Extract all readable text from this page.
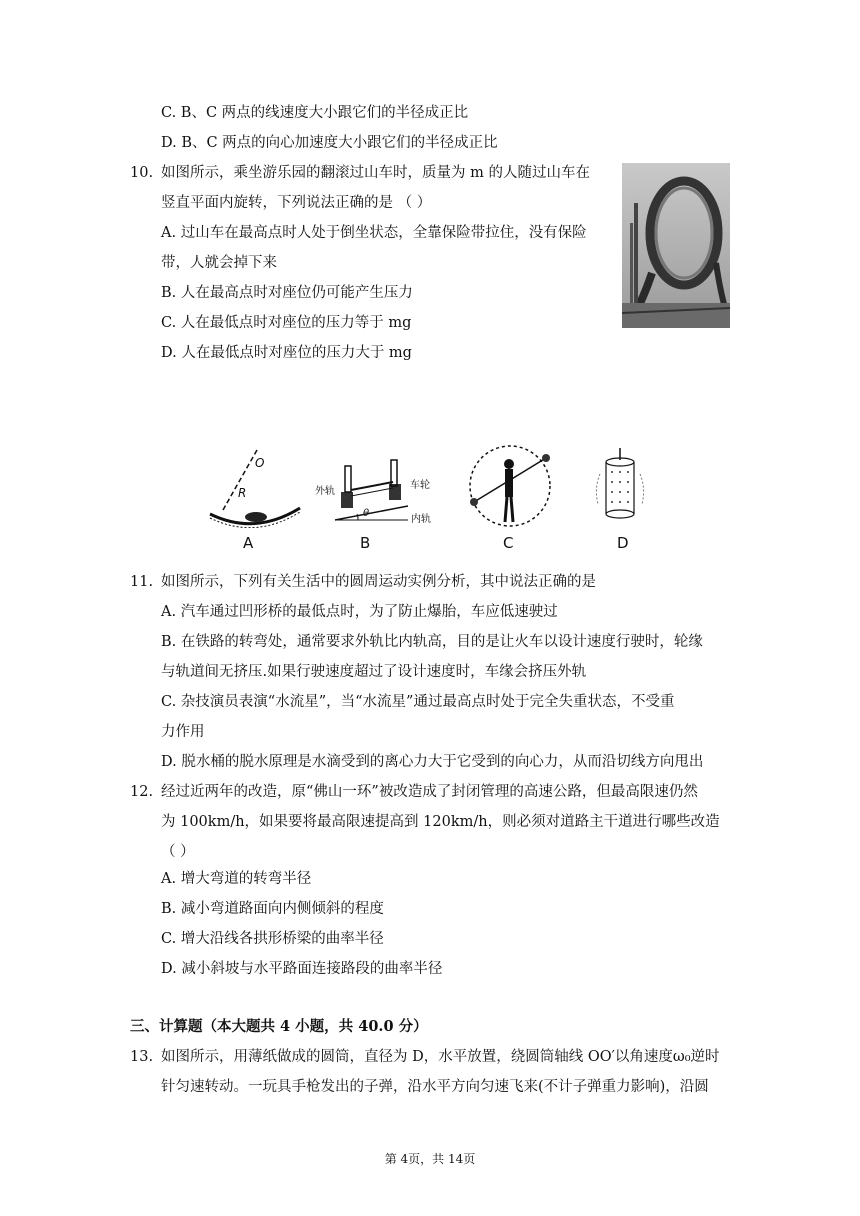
C. B、C 两点的线速度大小跟它们的半径成正比
D. B、C 两点的向心加速度大小跟它们的半径成正比
10. 如图所示，乘坐游乐园的翻滚过山车时，质量为 m 的人随过山车在
竖直平面内旋转，下列说法正确的是 （ ）
A. 过山车在最高点时人处于倒坐状态，全靠保险带拉住，没有保险
带，人就会掉下来
B. 人在最高点时对座位仍可能产生压力
C. 人在最低点时对座位的压力等于 mg
D. 人在最低点时对座位的压力大于 mg
O
R
A
外轨
车轮
内轨
θ
B	C	D
11. 如图所示，下列有关生活中的圆周运动实例分析，其中说法正确的是
A. 汽车通过凹形桥的最低点时，为了防止爆胎，车应低速驶过
B. 在铁路的转弯处，通常要求外轨比内轨高，目的是让火车以设计速度行驶时，轮缘
与轨道间无挤压.如果行驶速度超过了设计速度时，车缘会挤压外轨
C. 杂技演员表演“水流星”，当“水流星”通过最高点时处于完全失重状态，不受重
力作用
D. 脱水桶的脱水原理是水滴受到的离心力大于它受到的向心力，从而沿切线方向甩出
12. 经过近两年的改造，原“佛山一环”被改造成了封闭管理的高速公路，但最高限速仍然
为 100km/h，如果要将最高限速提高到 120km/h，则必须对道路主干道进行哪些改造
（ ）
A. 增大弯道的转弯半径
B. 减小弯道路面向内侧倾斜的程度
C. 增大沿线各拱形桥梁的曲率半径
D. 减小斜坡与水平路面连接路段的曲率半径
三、计算题（本大题共 4 小题，共 40.0 分）
13. 如图所示，用薄纸做成的圆筒，直径为 D，水平放置，绕圆筒轴线 OO′以角速度ω₀逆时
针匀速转动。一玩具手枪发出的子弹，沿水平方向匀速飞来(不计子弹重力影响)，沿圆
第 4页，共 14页
